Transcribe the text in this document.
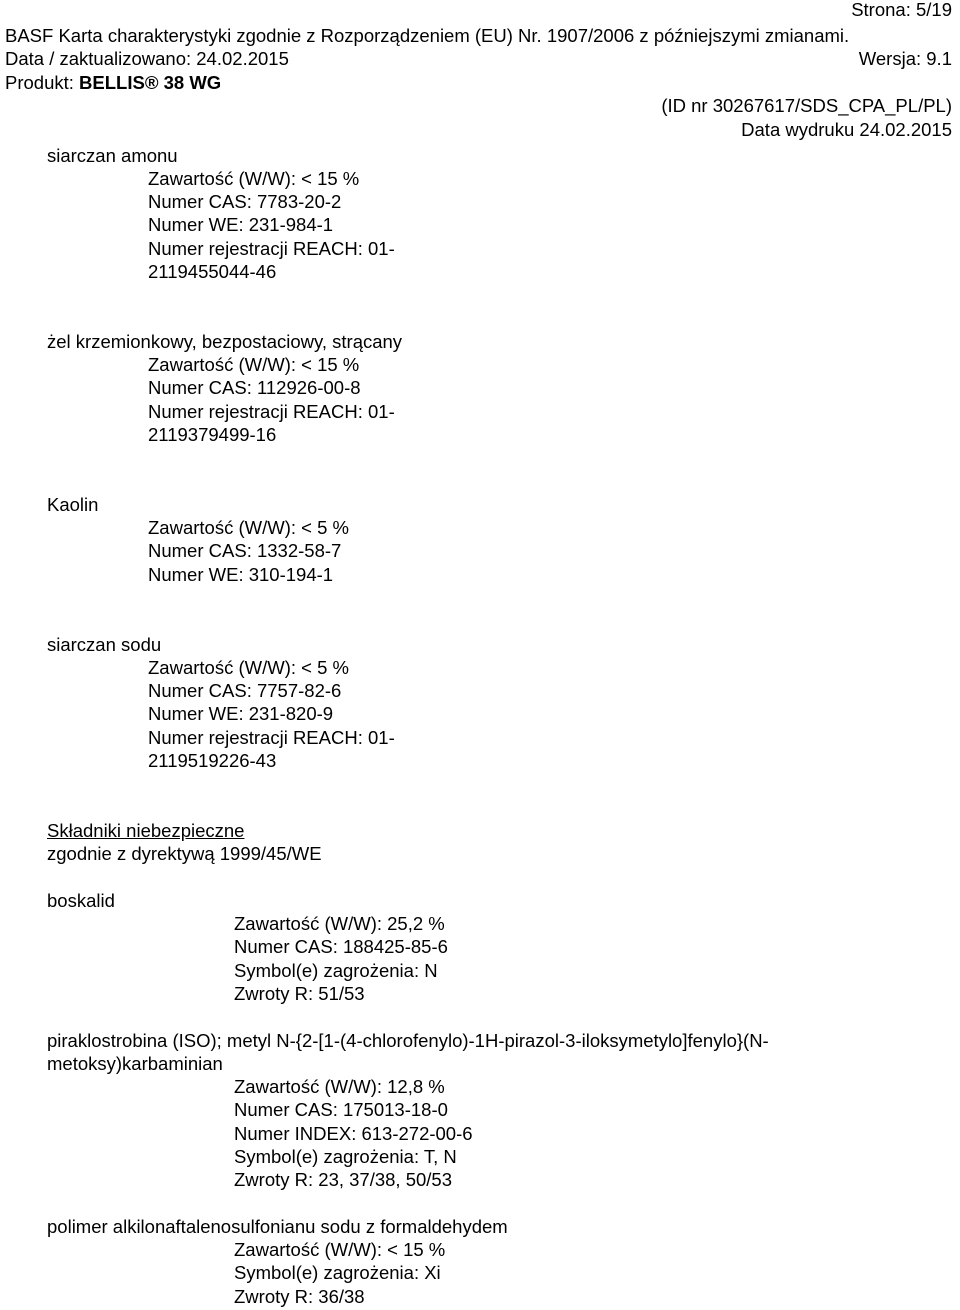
Strona: 5/19
BASF Karta charakterystyki zgodnie z Rozporządzeniem (EU) Nr. 1907/2006 z późniejszymi zmianami.
Data / zaktualizowano: 24.02.2015	Wersja: 9.1
Produkt: BELLIS® 38 WG
(ID nr 30267617/SDS_CPA_PL/PL)
Data wydruku 24.02.2015
siarczan amonu
Zawartość (W/W): < 15 %
Numer CAS: 7783-20-2
Numer WE: 231-984-1
Numer rejestracji REACH: 01-
2119455044-46
żel krzemionkowy, bezpostaciowy, strącany
Zawartość (W/W): < 15 %
Numer CAS: 112926-00-8
Numer rejestracji REACH: 01-
2119379499-16
Kaolin
Zawartość (W/W): < 5 %
Numer CAS: 1332-58-7
Numer WE: 310-194-1
siarczan sodu
Zawartość (W/W): < 5 %
Numer CAS: 7757-82-6
Numer WE: 231-820-9
Numer rejestracji REACH: 01-
2119519226-43
Składniki niebezpieczne
zgodnie z dyrektywą 1999/45/WE
boskalid
Zawartość (W/W): 25,2 %
Numer CAS: 188425-85-6
Symbol(e) zagrożenia: N
Zwroty R: 51/53
piraklostrobina (ISO); metyl N-{2-[1-(4-chlorofenylo)-1H-pirazol-3-iloksymetylo]fenylo}(N-
metoksy)karbaminian
Zawartość (W/W): 12,8 %
Numer CAS: 175013-18-0
Numer INDEX: 613-272-00-6
Symbol(e) zagrożenia: T, N
Zwroty R: 23, 37/38, 50/53
polimer alkilonaftalenosulfonianu sodu z formaldehydem
Zawartość (W/W): < 15 %
Symbol(e) zagrożenia: Xi
Zwroty R: 36/38
